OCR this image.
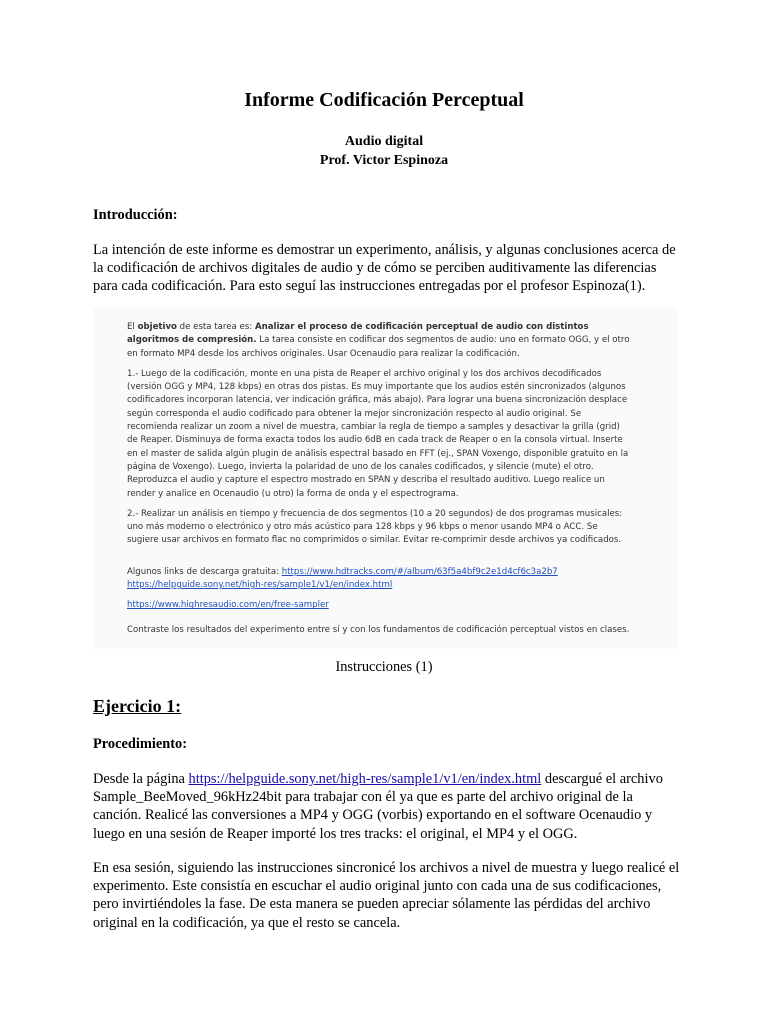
Informe Codificación Perceptual
Audio digital
Prof. Victor Espinoza
Introducción:
La intención de este informe es demostrar un experimento, análisis, y algunas conclusiones acerca de la codificación de archivos digitales de audio y de cómo se perciben auditivamente las diferencias para cada codificación. Para esto seguí las instrucciones entregadas por el profesor Espinoza(1).

El objetivo de esta tarea es: Analizar el proceso de codificación perceptual de audio con distintos algoritmos de compresión. La tarea consiste en codificar dos segmentos de audio: uno en formato OGG, y el otro en formato MP4 desde los archivos originales. Usar Ocenaudio para realizar la codificación.

1.- Luego de la codificación, monte en una pista de Reaper el archivo original y los dos archivos decodificados (versión OGG y MP4, 128 kbps) en otras dos pistas. Es muy importante que los audios estén sincronizados (algunos codificadores incorporan latencia, ver indicación gráfica, más abajo). Para lograr una buena sincronización desplace según corresponda el audio codificado para obtener la mejor sincronización respecto al audio original. Se recomienda realizar un zoom a nivel de muestra, cambiar la regla de tiempo a samples y desactivar la grilla (grid) de Reaper. Disminuya de forma exacta todos los audio 6dB en cada track de Reaper o en la consola virtual. Inserte en el master de salida algún plugin de análisis espectral basado en FFT (ej., SPAN Voxengo, disponible gratuito en la página de Voxengo). Luego, invierta la polaridad de uno de los canales codificados, y silencie (mute) el otro. Reproduzca el audio y capture el espectro mostrado en SPAN y describa el resultado auditivo. Luego realice un render y analice en Ocenaudio (u otro) la forma de onda y el espectrograma.

2.- Realizar un análisis en tiempo y frecuencia de dos segmentos (10 a 20 segundos) de dos programas musicales: uno más moderno o electrónico y otro más acústico para 128 kbps y 96 kbps o menor usando MP4 o ACC. Se sugiere usar archivos en formato flac no comprimidos o similar. Evitar re-comprimir desde archivos ya codificados.

Algunos links de descarga gratuita: https://www.hdtracks.com/#/album/63f5a4bf9c2e1d4cf6c3a2b7
https://helpguide.sony.net/high-res/sample1/v1/en/index.html

https://www.highresaudio.com/en/free-sampler

Contraste los resultados del experimento entre sí y con los fundamentos de codificación perceptual vistos en clases.

Instrucciones (1)
Ejercicio 1:
Procedimiento:
Desde la página https://helpguide.sony.net/high-res/sample1/v1/en/index.html descargué el archivo Sample_BeeMoved_96kHz24bit para trabajar con él ya que es parte del archivo original de la canción. Realicé las conversiones a MP4 y OGG (vorbis) exportando en el software Ocenaudio y luego en una sesión de Reaper importé los tres tracks: el original, el MP4 y el OGG.
En esa sesión, siguiendo las instrucciones sincronicé los archivos a nivel de muestra y luego realicé el experimento. Este consistía en escuchar el audio original junto con cada una de sus codificaciones, pero invirtiéndoles la fase. De esta manera se pueden apreciar sólamente las pérdidas del archivo original en la codificación, ya que el resto se cancela.
